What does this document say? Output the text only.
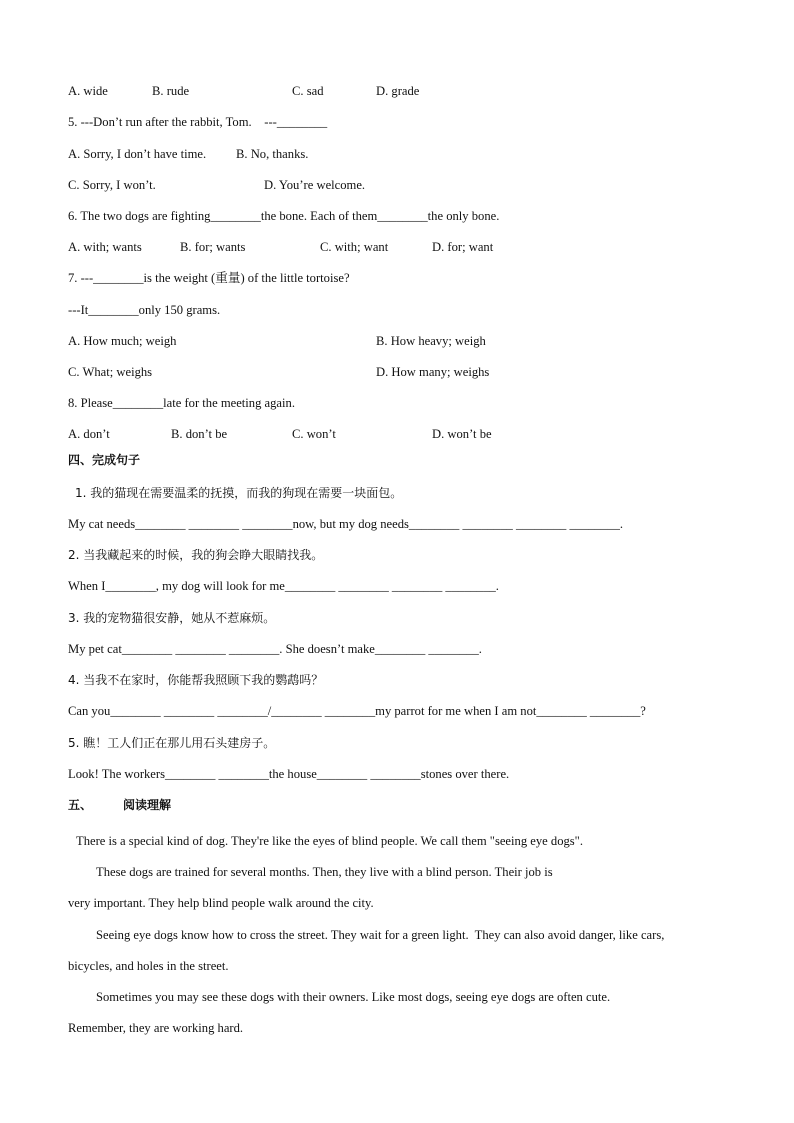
A. wide	B. rude	C. sad	D. grade
5. ---Don’t run after the rabbit, Tom.    ---________
A. Sorry, I don’t have time. B. No, thanks.
C. Sorry, I won’t.	D. You’re welcome.
6. The two dogs are fighting________the bone. Each of them________the only bone.
A. with; wants	B. for; wants	C. with; want	D. for; want
7. ---________is the weight (重量) of the little tortoise?
---It________only 150 grams.
A. How much; weigh	B. How heavy; weigh
C. What; weighs	D. How many; weighs
8. Please________late for the meeting again.
A. don’t	B. don’t be	C. won’t	D. won’t be
四、完成句子
1. 我的猫现在需要温柔的抚摸，而我的狗现在需要一块面包。
My cat needs________ ________ ________now, but my dog needs________ ________ ________ ________.
2. 当我藏起来的时候，我的狗会睁大眼睛找我。
When I________, my dog will look for me________ ________ ________ ________.
3. 我的宠物猫很安静，她从不惹麻烦。
My pet cat________ ________ ________. She doesn’t make________ ________.
4. 当我不在家时，你能帮我照顾下我的鹦鹉吗？
Can you________ ________ ________/________ ________my parrot for me when I am not________ ________?
5. 瞧！工人们正在那儿用石头建房子。
Look! The workers________ ________the house________ ________stones over there.
五、	阅读理解
There is a special kind of dog. They're like the eyes of blind people. We call them "seeing eye dogs".
These dogs are trained for several months. Then, they live with a blind person. Their job is
very important. They help blind people walk around the city.
Seeing eye dogs know how to cross the street. They wait for a green light.  They can also avoid danger, like cars,
bicycles, and holes in the street.
Sometimes you may see these dogs with their owners. Like most dogs, seeing eye dogs are often cute.
Remember, they are working hard.
